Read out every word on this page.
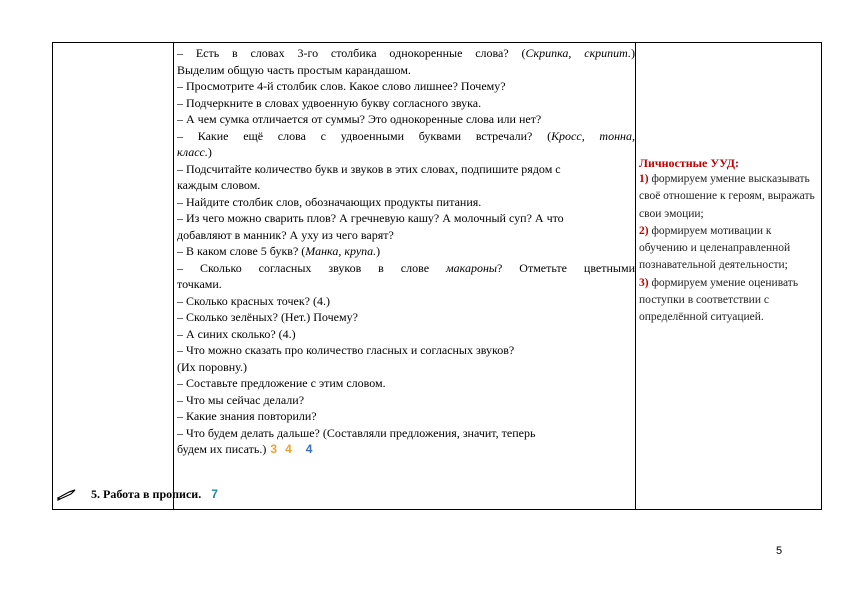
– Есть в словах 3-го столбика однокоренные слова? (Скрипка, скрипит.)
Выделим общую часть простым карандашом.
– Просмотрите 4-й столбик слов. Какое слово лишнее? Почему?
– Подчеркните в словах удвоенную букву согласного звука.
– А чем сумка отличается от суммы? Это однокоренные слова или нет?
– Какие ещё слова с удвоенными буквами встречали? (Кросс, тонна,
класс.)
– Подсчитайте количество букв и звуков в этих словах, подпишите рядом с
каждым словом.
– Найдите столбик слов, обозначающих продукты питания.
– Из чего можно сварить плов? А гречневую кашу? А молочный суп? А что
добавляют в манник? А уху из чего варят?
– В каком слове 5 букв? (Манка, крупа.)
– Сколько согласных звуков в слове макароны? Отметьте цветными
точками.
– Сколько красных точек? (4.)
– Сколько зелёных? (Нет.) Почему?
– А синих сколько? (4.)
– Что можно сказать про количество гласных и согласных звуков?
(Их поровну.)
– Составьте предложение с этим словом.
– Что мы сейчас делали?
– Какие знания повторили?
– Что будем делать дальше? (Составляли предложения, значит, теперь
будем их писать.) 3 4 4
5. Работа в прописи. 7
Личностные УУД:
1) формируем умение высказывать своё отношение к героям, выражать свои эмоции;
2) формируем мотивации к обучению и целенаправленной познавательной деятельности;
3) формируем умение оценивать поступки в соответствии с определённой ситуацией.
5
